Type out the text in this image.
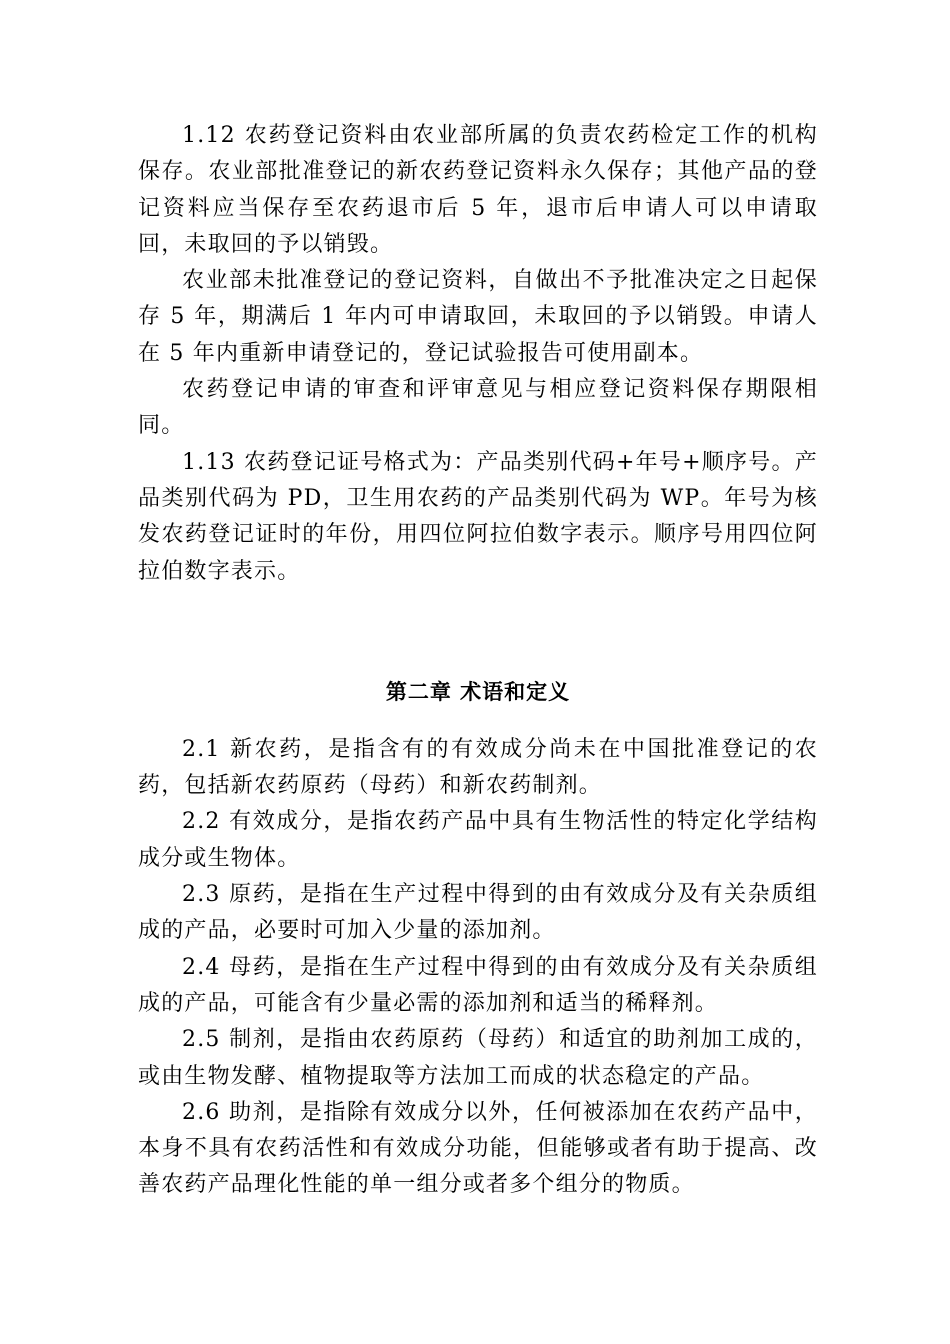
1.12 农药登记资料由农业部所属的负责农药检定工作的机构保存。农业部批准登记的新农药登记资料永久保存；其他产品的登记资料应当保存至农药退市后 5 年，退市后申请人可以申请取回，未取回的予以销毁。

农业部未批准登记的登记资料，自做出不予批准决定之日起保存 5 年，期满后 1 年内可申请取回，未取回的予以销毁。申请人在 5 年内重新申请登记的，登记试验报告可使用副本。

农药登记申请的审查和评审意见与相应登记资料保存期限相同。

1.13 农药登记证号格式为：产品类别代码+年号+顺序号。产品类别代码为 PD，卫生用农药的产品类别代码为 WP。年号为核发农药登记证时的年份，用四位阿拉伯数字表示。顺序号用四位阿拉伯数字表示。

第二章 术语和定义

2.1 新农药，是指含有的有效成分尚未在中国批准登记的农药，包括新农药原药（母药）和新农药制剂。

2.2 有效成分，是指农药产品中具有生物活性的特定化学结构成分或生物体。

2.3 原药，是指在生产过程中得到的由有效成分及有关杂质组成的产品，必要时可加入少量的添加剂。

2.4 母药，是指在生产过程中得到的由有效成分及有关杂质组成的产品，可能含有少量必需的添加剂和适当的稀释剂。

2.5 制剂，是指由农药原药（母药）和适宜的助剂加工成的，或由生物发酵、植物提取等方法加工而成的状态稳定的产品。

2.6 助剂，是指除有效成分以外，任何被添加在农药产品中，本身不具有农药活性和有效成分功能，但能够或者有助于提高、改善农药产品理化性能的单一组分或者多个组分的物质。
